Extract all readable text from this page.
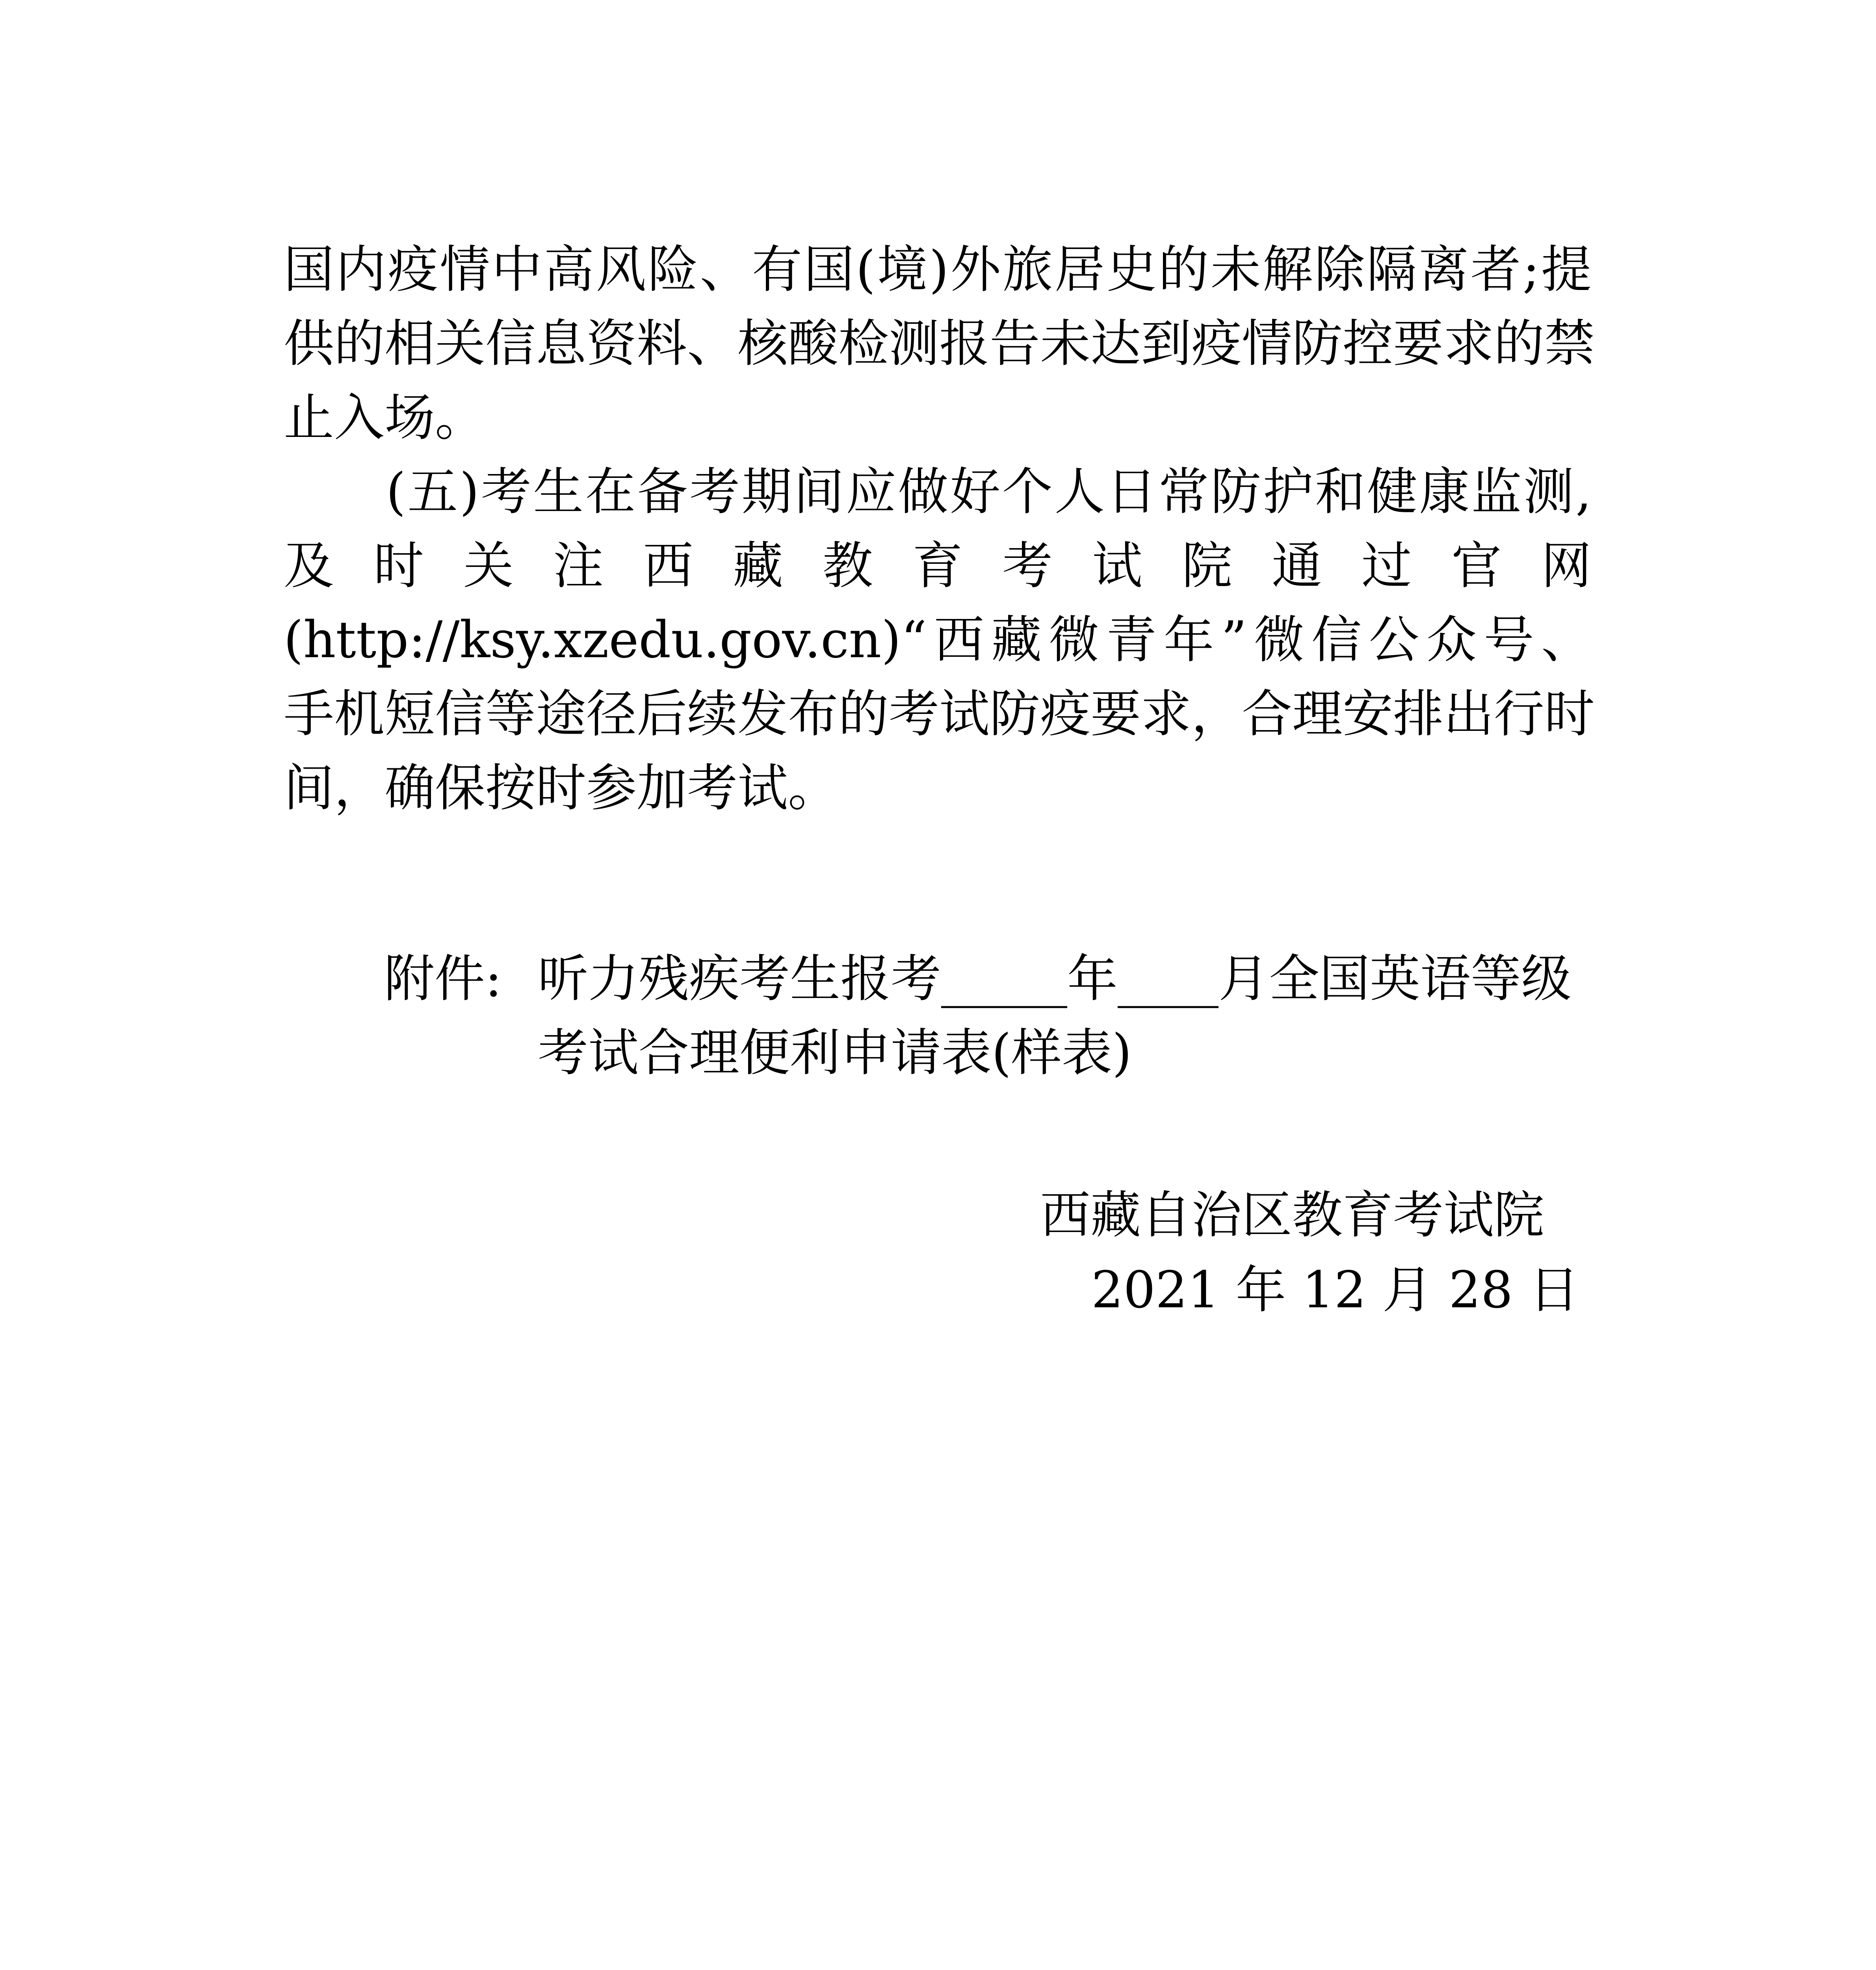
国内疫情中高风险、有国(境)外旅居史的未解除隔离者;提
供的相关信息资料、核酸检测报告未达到疫情防控要求的禁
止入场。
(五)考生在备考期间应做好个人日常防护和健康监测,
及时关注西藏教育考试院通过官网
(http://ksy.xzedu.gov.cn)“西藏微青年”微信公众号、
手机短信等途径后续发布的考试防疫要求，合理安排出行时
间，确保按时参加考试。
附件: 听力残疾考生报考_____年____月全国英语等级
考试合理便利申请表(样表)
西藏自治区教育考试院
2021 年 12 月 28 日
